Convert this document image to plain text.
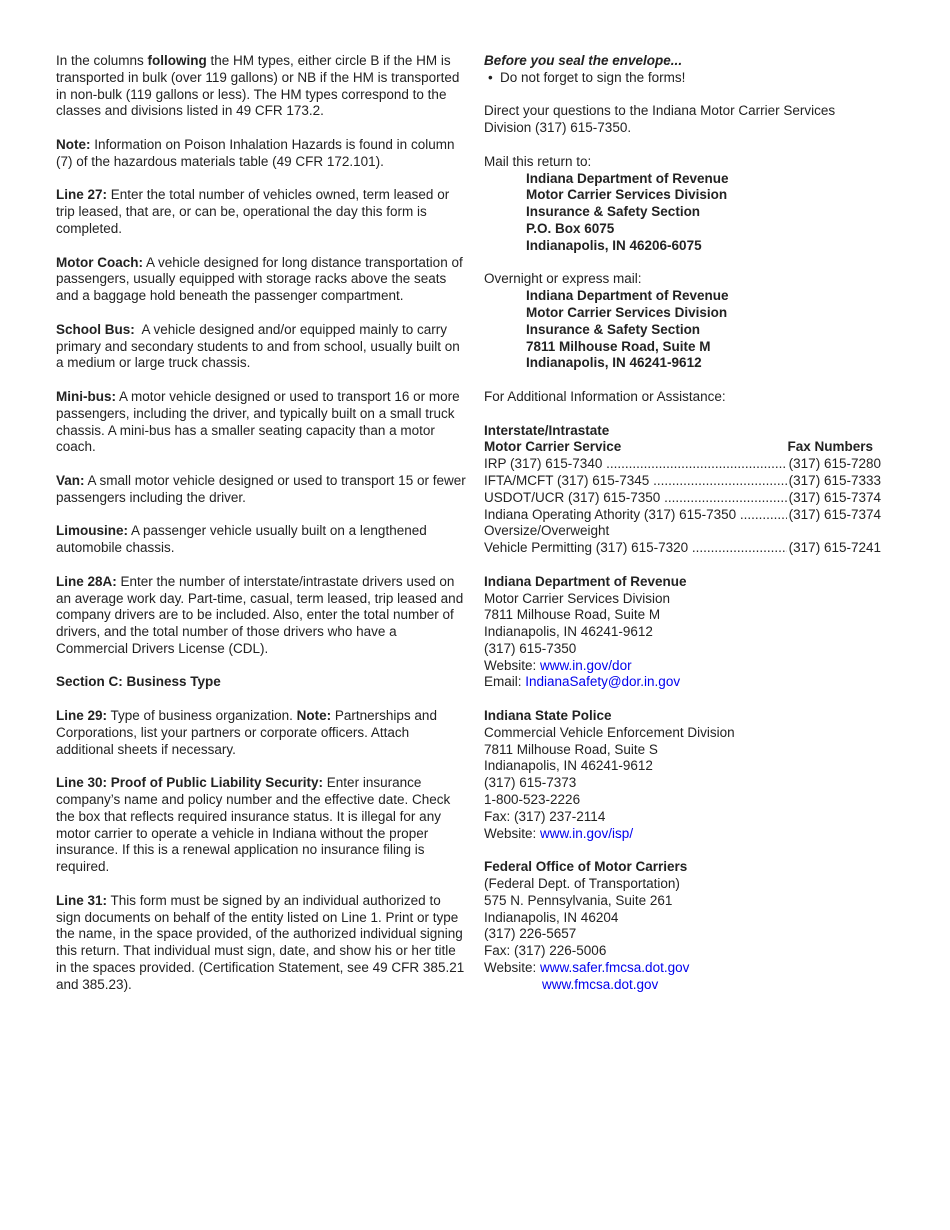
In the columns following the HM types, either circle B if the HM is transported in bulk (over 119 gallons) or NB if the HM is transported in non-bulk (119 gallons or less). The HM types correspond to the classes and divisions listed in 49 CFR 173.2.

Note: Information on Poison Inhalation Hazards is found in column (7) of the hazardous materials table (49 CFR 172.101).

Line 27: Enter the total number of vehicles owned, term leased or trip leased, that are, or can be, operational the day this form is completed.

Motor Coach: A vehicle designed for long distance transportation of passengers, usually equipped with storage racks above the seats and a baggage hold beneath the passenger compartment.

School Bus:  A vehicle designed and/or equipped mainly to carry primary and secondary students to and from school, usually built on a medium or large truck chassis.

Mini-bus: A motor vehicle designed or used to transport 16 or more passengers, including the driver, and typically built on a small truck chassis. A mini-bus has a smaller seating capacity than a motor coach.

Van: A small motor vehicle designed or used to transport 15 or fewer passengers including the driver.

Limousine: A passenger vehicle usually built on a lengthened automobile chassis.

Line 28A: Enter the number of interstate/intrastate drivers used on an average work day. Part-time, casual, term leased, trip leased and company drivers are to be included. Also, enter the total number of drivers, and the total number of those drivers who have a Commercial Drivers License (CDL).

Section C: Business Type

Line 29: Type of business organization. Note: Partnerships and Corporations, list your partners or corporate officers. Attach additional sheets if necessary.

Line 30: Proof of Public Liability Security: Enter insurance company’s name and policy number and the effective date. Check the box that reflects required insurance status. It is illegal for any motor carrier to operate a vehicle in Indiana without the proper insurance. If this is a renewal application no insurance filing is required.

Line 31: This form must be signed by an individual authorized to sign documents on behalf of the entity listed on Line 1. Print or type the name, in the space provided, of the authorized individual signing this return. That individual must sign, date, and show his or her title in the spaces provided. (Certification Statement, see 49 CFR 385.21 and 385.23).

Before you seal the envelope...

• Do not forget to sign the forms!

Direct your questions to the Indiana Motor Carrier Services Division (317) 615-7350.

Mail this return to:

Indiana Department of Revenue
Motor Carrier Services Division
Insurance & Safety Section
P.O. Box 6075
Indianapolis, IN 46206-6075

Overnight or express mail:

Indiana Department of Revenue
Motor Carrier Services Division
Insurance & Safety Section
7811 Milhouse Road, Suite M
Indianapolis, IN 46241-9612

For Additional Information or Assistance:

Interstate/Intrastate
Motor Carrier Service	Fax Numbers
IRP (317) 615-7340 .....	(317) 615-7280
IFTA/MCFT (317) 615-7345 .....	(317) 615-7333
USDOT/UCR (317) 615-7350 .....	(317) 615-7374
Indiana Operating Athority (317) 615-7350 .....	(317) 615-7374
Oversize/Overweight
Vehicle Permitting (317) 615-7320 .....	(317) 615-7241
Indiana Department of Revenue
Motor Carrier Services Division
7811 Milhouse Road, Suite M
Indianapolis, IN 46241-9612
(317) 615-7350
Website: www.in.gov/dor
Email: IndianaSafety@dor.in.gov
Indiana State Police
Commercial Vehicle Enforcement Division
7811 Milhouse Road, Suite S
Indianapolis, IN 46241-9612
(317) 615-7373
1-800-523-2226
Fax: (317) 237-2114
Website: www.in.gov/isp/
Federal Office of Motor Carriers
(Federal Dept. of Transportation)
575 N. Pennsylvania, Suite 261
Indianapolis, IN 46204
(317) 226-5657
Fax: (317) 226-5006
Website: www.safer.fmcsa.dot.gov
www.fmcsa.dot.gov
